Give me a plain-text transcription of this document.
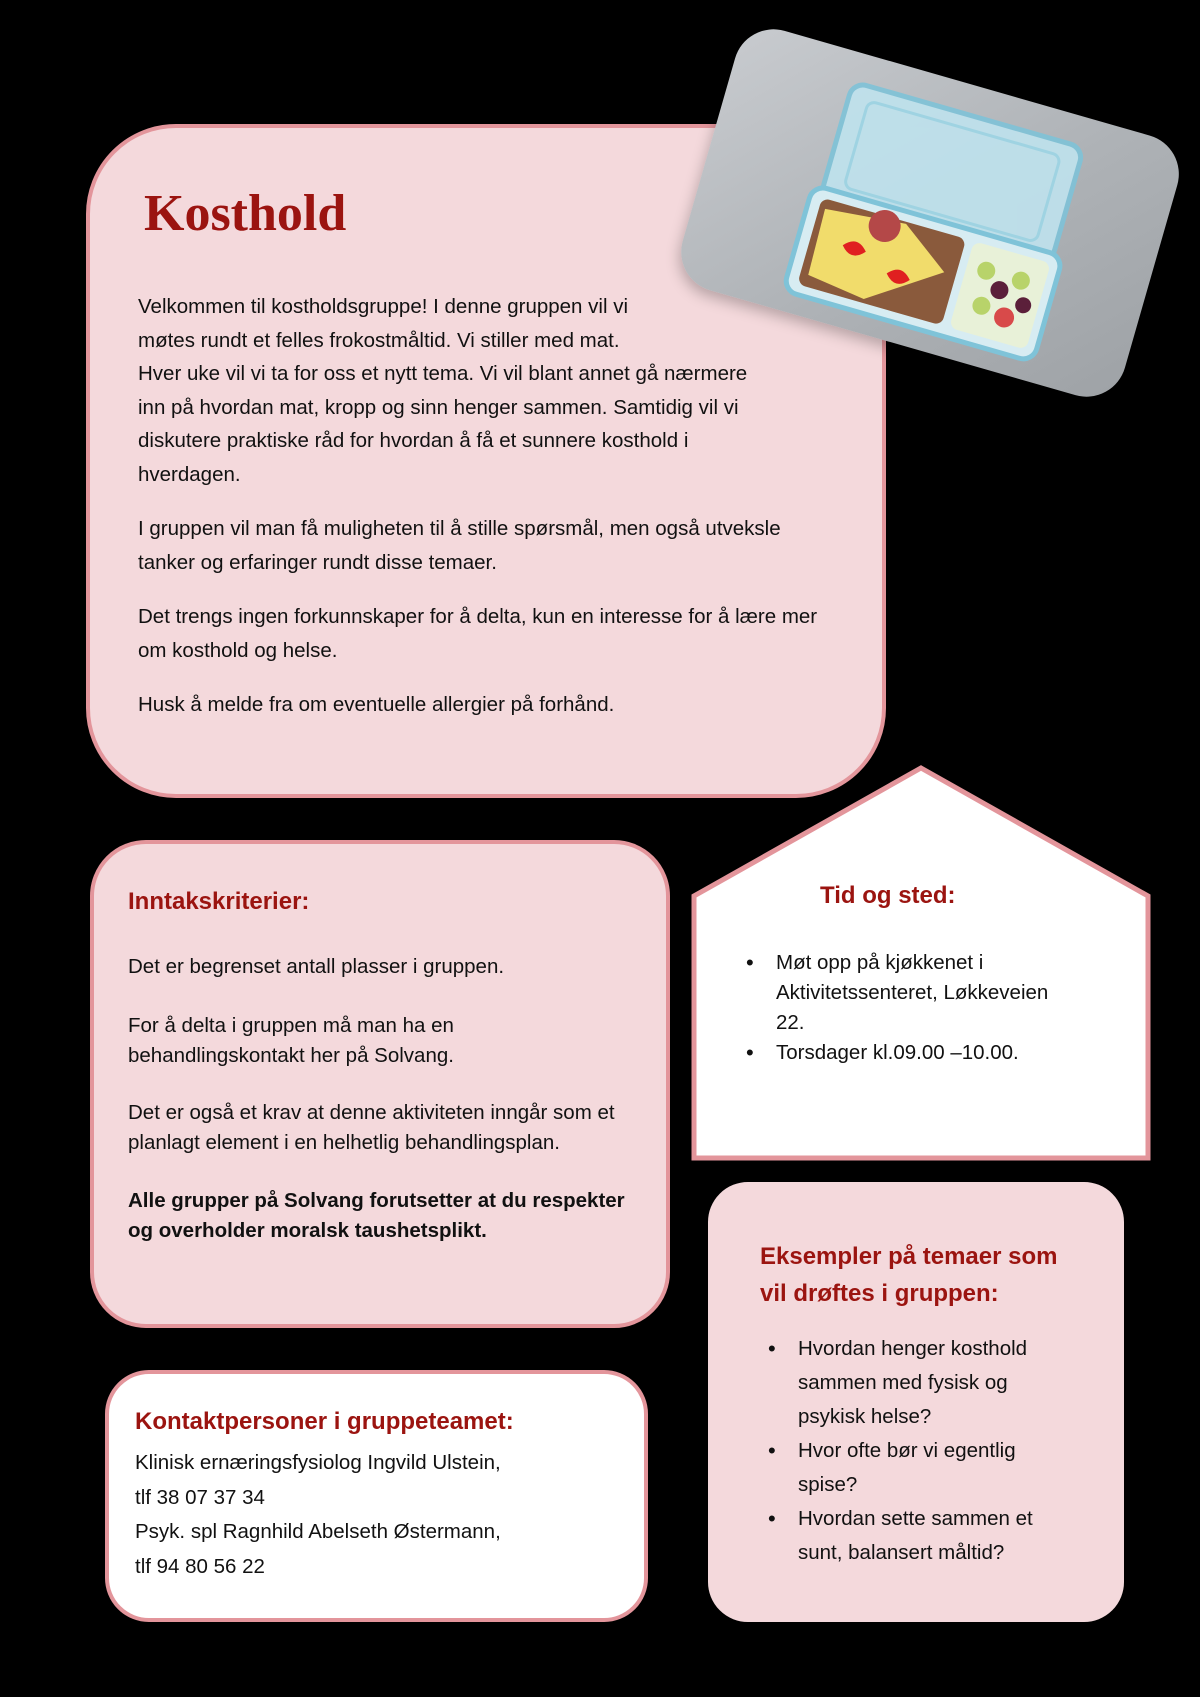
Kosthold
Velkommen til kostholdsgruppe! I denne gruppen vil vi

møtes rundt et felles frokostmåltid. Vi stiller med mat.

Hver uke vil vi ta for oss et nytt tema. Vi vil blant annet gå nærmere inn på hvordan mat, kropp og sinn henger sammen. Samtidig vil vi diskutere praktiske råd for hvordan å få et sunnere kosthold i hverdagen.

I gruppen vil man få muligheten til å stille spørsmål, men også utveksle tanker og erfaringer rundt disse temaer.

Det trengs ingen forkunnskaper for å delta, kun en interesse for å lære mer om kosthold og helse.

Husk å melde fra om eventuelle allergier på forhånd.

Inntakskriterier:

Det er begrenset antall plasser i gruppen.

For å delta i gruppen må man ha en behandlingskontakt her på Solvang.

Det er også et krav at denne aktiviteten inngår som et planlagt element i en helhetlig behandlingsplan.

Alle grupper på Solvang forutsetter at du respekter og overholder moralsk taushetsplikt.

Tid og sted:
• Møt opp på kjøkkenet i Aktivitetssenteret, Løkkeveien 22.
• Torsdager kl.09.00 –10.00.
Eksempler på temaer som vil drøftes i gruppen:
• Hvordan henger kosthold sammen med fysisk og psykisk helse?
• Hvor ofte bør vi egentlig spise?
• Hvordan sette sammen et sunt, balansert måltid?
Kontaktpersoner i gruppeteamet:
Klinisk ernæringsfysiolog Ingvild Ulstein,
tlf 38 07 37 34
Psyk. spl Ragnhild Abelseth Østermann,
tlf 94 80 56 22
